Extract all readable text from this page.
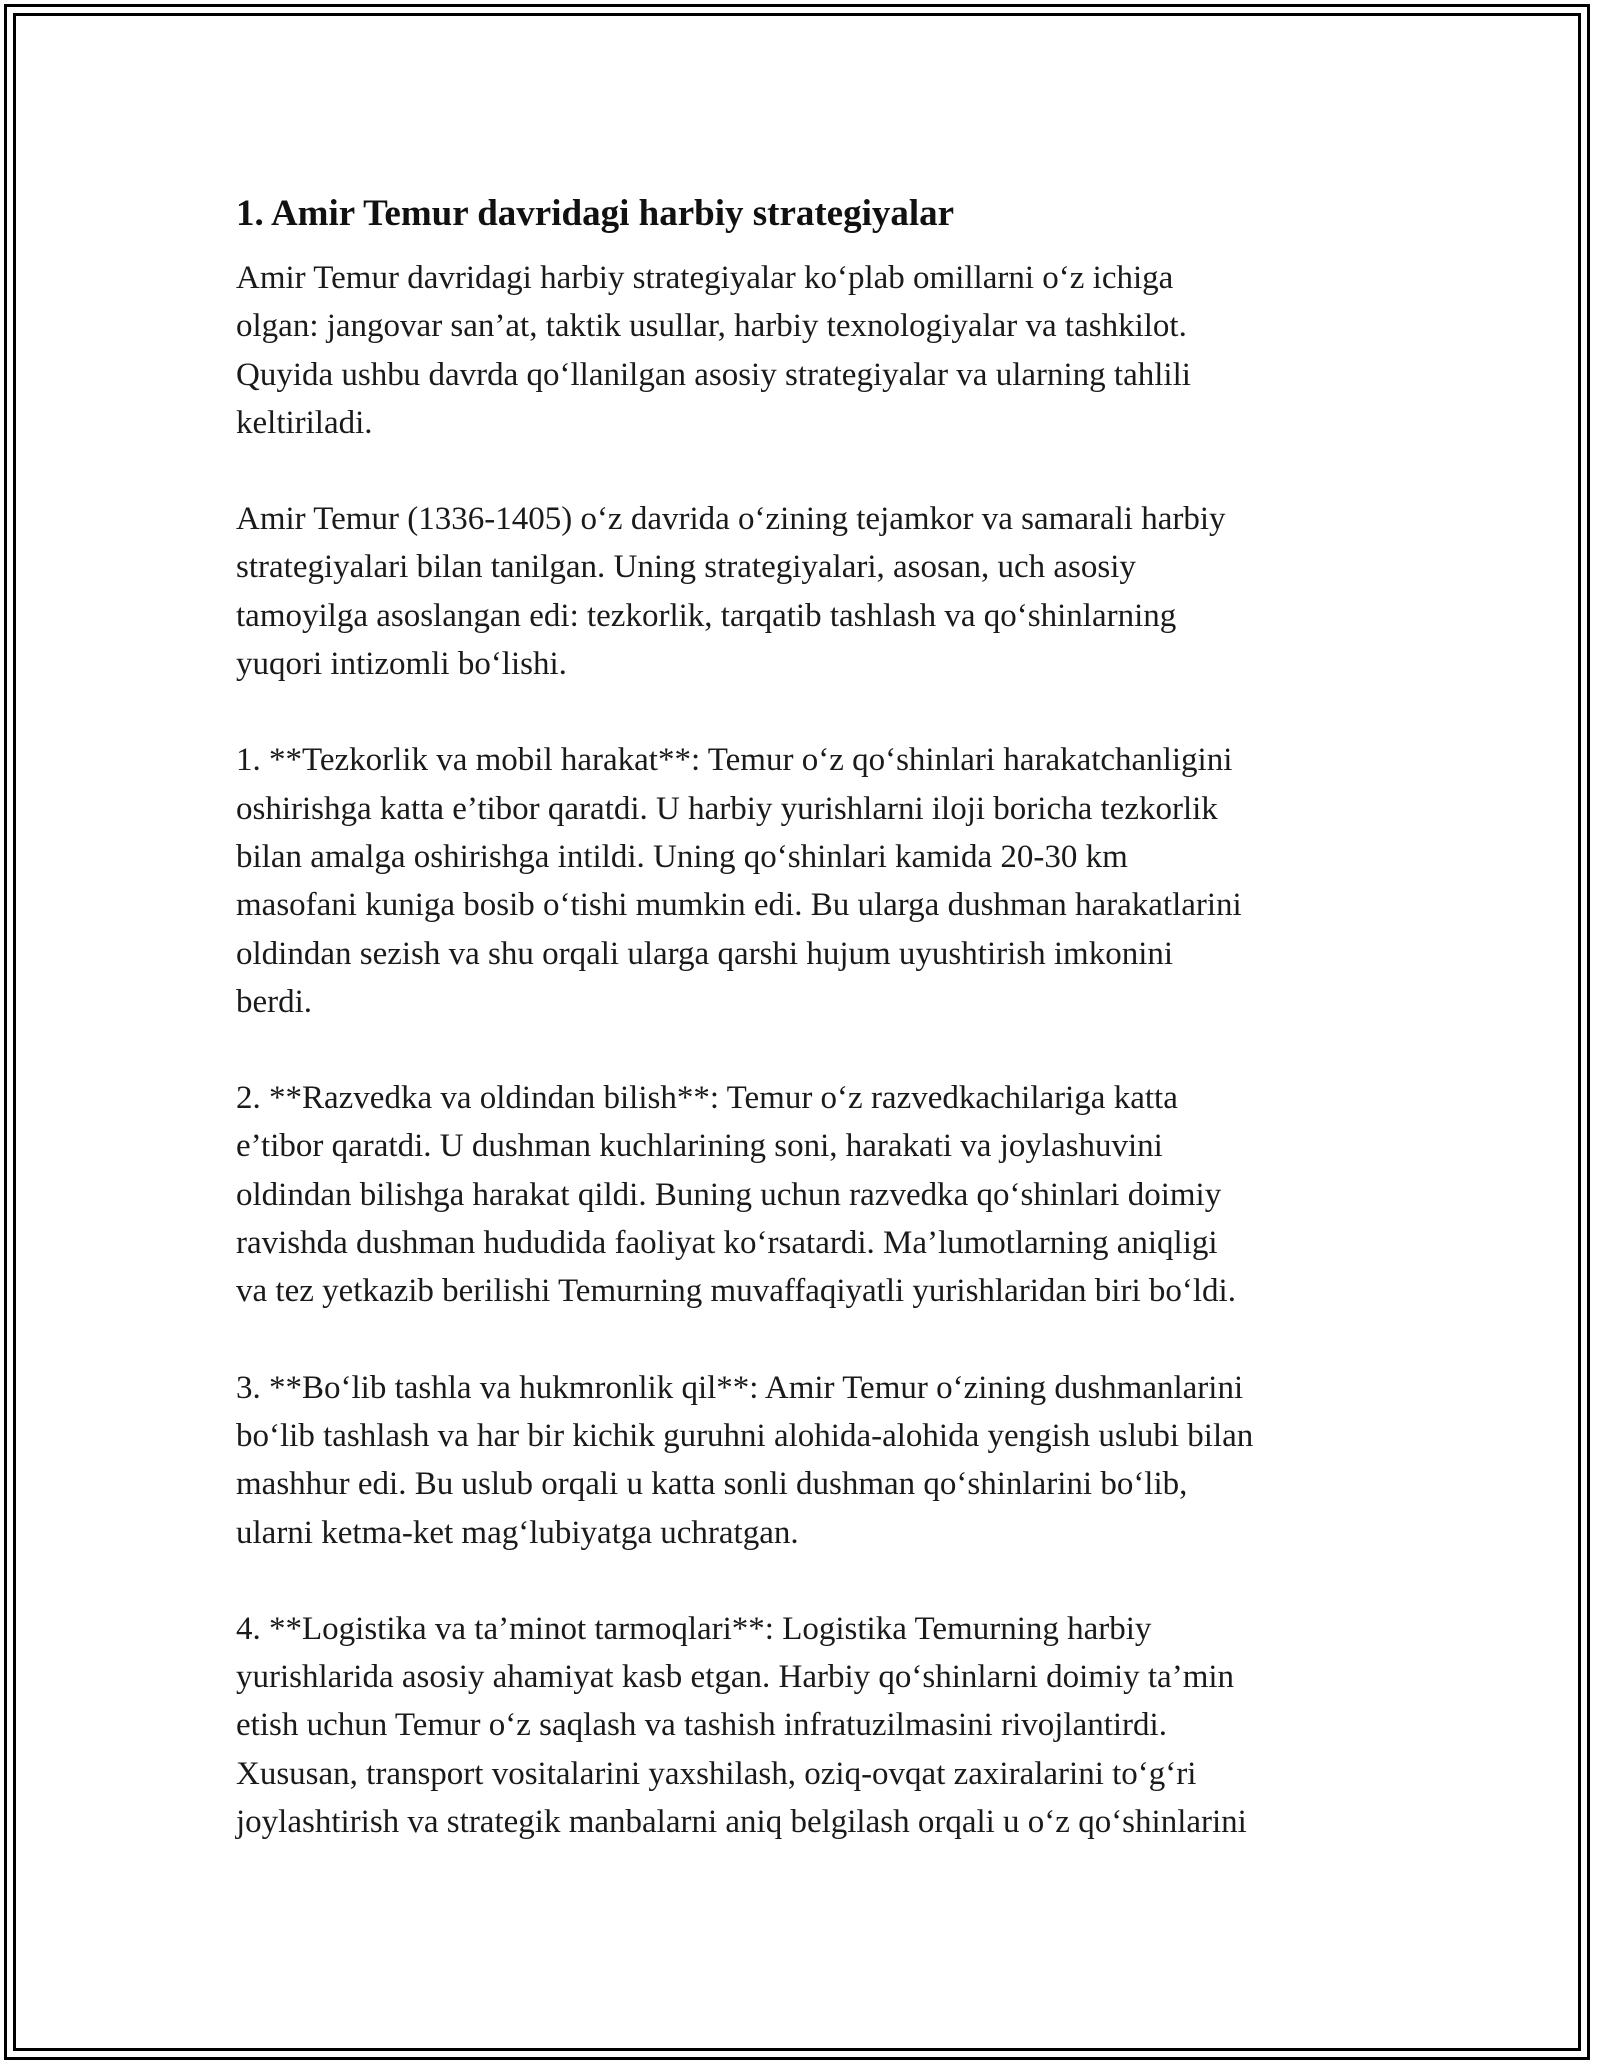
1. Amir Temur davridagi harbiy strategiyalar

Amir Temur davridagi harbiy strategiyalar ko‘plab omillarni o‘z ichiga
olgan: jangovar san’at, taktik usullar, harbiy texnologiyalar va tashkilot.
Quyida ushbu davrda qo‘llanilgan asosiy strategiyalar va ularning tahlili
keltiriladi.

Amir Temur (1336-1405) o‘z davrida o‘zining tejamkor va samarali harbiy
strategiyalari bilan tanilgan. Uning strategiyalari, asosan, uch asosiy
tamoyilga asoslangan edi: tezkorlik, tarqatib tashlash va qo‘shinlarning
yuqori intizomli bo‘lishi.

1. **Tezkorlik va mobil harakat**: Temur o‘z qo‘shinlari harakatchanligini
oshirishga katta e’tibor qaratdi. U harbiy yurishlarni iloji boricha tezkorlik
bilan amalga oshirishga intildi. Uning qo‘shinlari kamida 20-30 km
masofani kuniga bosib o‘tishi mumkin edi. Bu ularga dushman harakatlarini
oldindan sezish va shu orqali ularga qarshi hujum uyushtirish imkonini
berdi.

2. **Razvedka va oldindan bilish**: Temur o‘z razvedkachilariga katta
e’tibor qaratdi. U dushman kuchlarining soni, harakati va joylashuvini
oldindan bilishga harakat qildi. Buning uchun razvedka qo‘shinlari doimiy
ravishda dushman hududida faoliyat ko‘rsatardi. Ma’lumotlarning aniqligi
va tez yetkazib berilishi Temurning muvaffaqiyatli yurishlaridan biri bo‘ldi.

3. **Bo‘lib tashla va hukmronlik qil**: Amir Temur o‘zining dushmanlarini
bo‘lib tashlash va har bir kichik guruhni alohida-alohida yengish uslubi bilan
mashhur edi. Bu uslub orqali u katta sonli dushman qo‘shinlarini bo‘lib,
ularni ketma-ket mag‘lubiyatga uchratgan.

4. **Logistika va ta’minot tarmoqlari**: Logistika Temurning harbiy
yurishlarida asosiy ahamiyat kasb etgan. Harbiy qo‘shinlarni doimiy ta’min
etish uchun Temur o‘z saqlash va tashish infratuzilmasini rivojlantirdi.
Xususan, transport vositalarini yaxshilash, oziq-ovqat zaxiralarini to‘g‘ri
joylashtirish va strategik manbalarni aniq belgilash orqali u o‘z qo‘shinlarini
